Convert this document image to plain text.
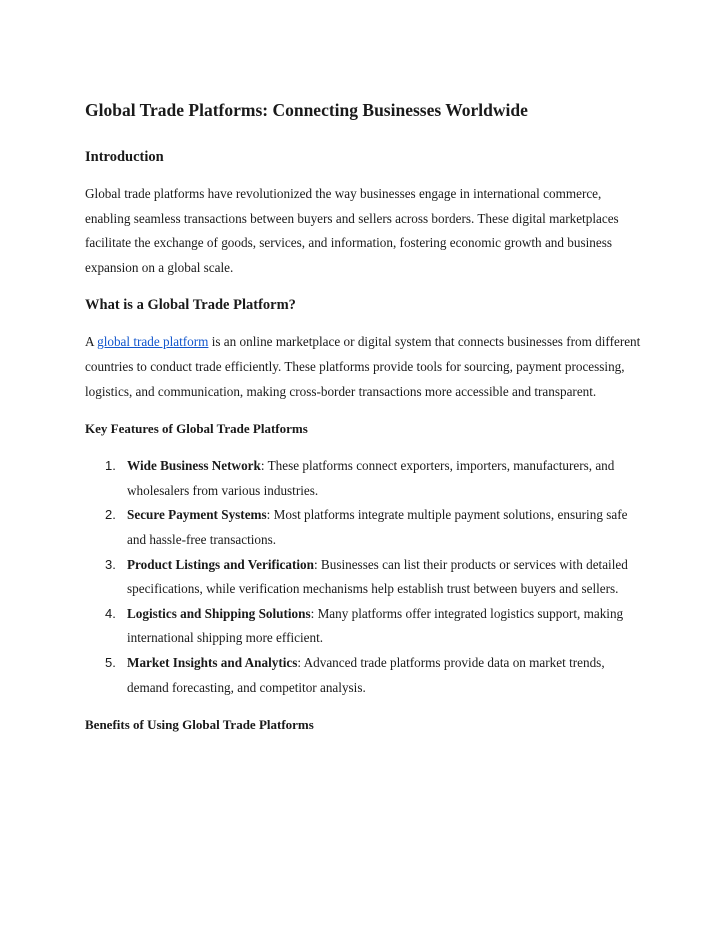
Global Trade Platforms: Connecting Businesses Worldwide
Introduction

Global trade platforms have revolutionized the way businesses engage in international commerce, enabling seamless transactions between buyers and sellers across borders. These digital marketplaces facilitate the exchange of goods, services, and information, fostering economic growth and business expansion on a global scale.

What is a Global Trade Platform?

A global trade platform is an online marketplace or digital system that connects businesses from different countries to conduct trade efficiently. These platforms provide tools for sourcing, payment processing, logistics, and communication, making cross-border transactions more accessible and transparent.

Key Features of Global Trade Platforms
1. Wide Business Network: These platforms connect exporters, importers, manufacturers, and wholesalers from various industries.
2. Secure Payment Systems: Most platforms integrate multiple payment solutions, ensuring safe and hassle-free transactions.
3. Product Listings and Verification: Businesses can list their products or services with detailed specifications, while verification mechanisms help establish trust between buyers and sellers.
4. Logistics and Shipping Solutions: Many platforms offer integrated logistics support, making international shipping more efficient.
5. Market Insights and Analytics: Advanced trade platforms provide data on market trends, demand forecasting, and competitor analysis.
Benefits of Using Global Trade Platforms
